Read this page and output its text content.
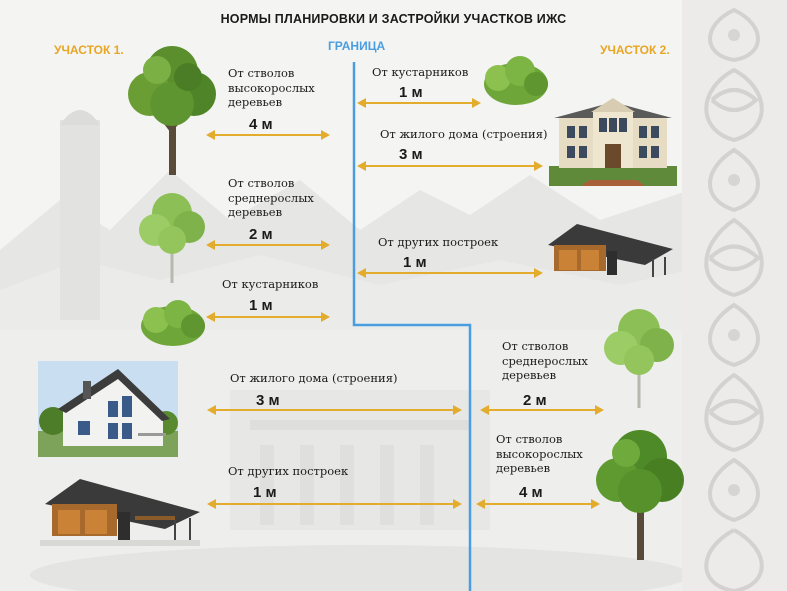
НОРМЫ ПЛАНИРОВКИ И ЗАСТРОЙКИ УЧАСТКОВ ИЖС
УЧАСТОК 1.	УЧАСТОК 2.
ГРАНИЦА
От стволов
высокорослых
деревьев
4 м
От стволов
среднерослых
деревьев
2 м
От кустарников
1 м
От жилого дома (строения)
3 м
От других построек
1 м
От кустарников
1 м
От жилого дома (строения)
3 м
От других построек
1 м
От стволов
среднерослых
деревьев
2 м
От стволов
высокорослых
деревьев
4 м
